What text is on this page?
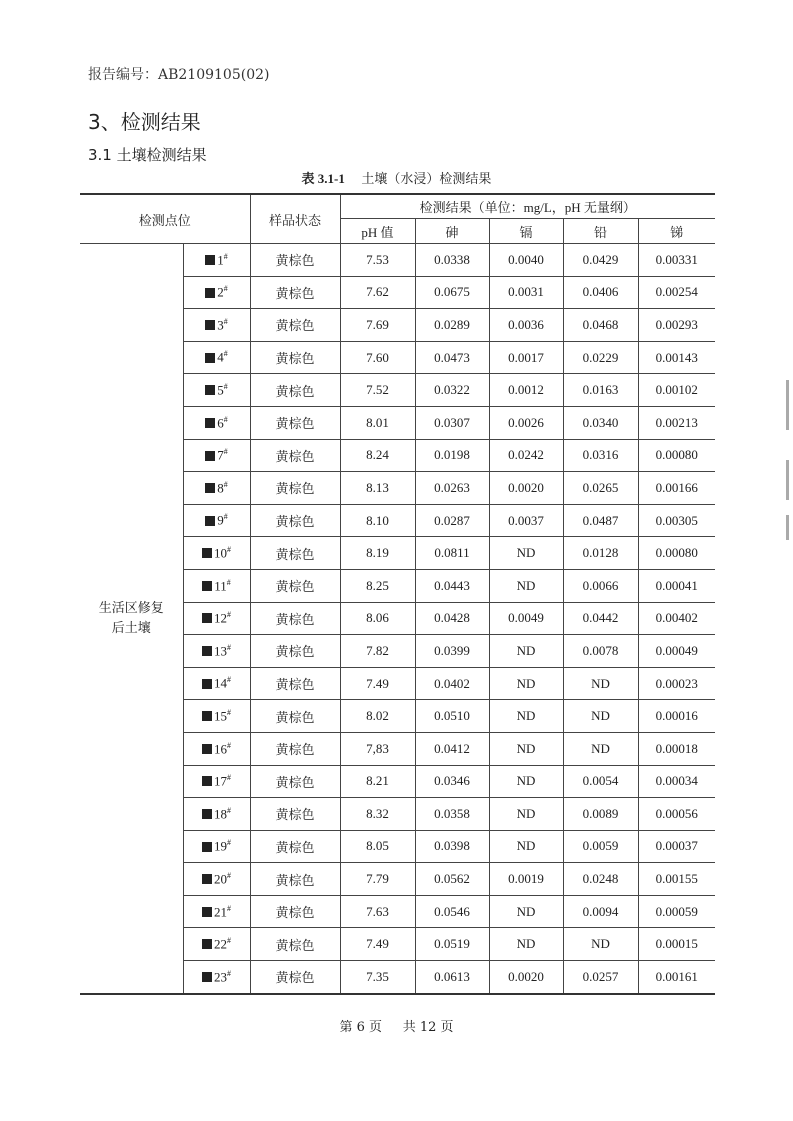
报告编号：AB2109105(02)
3、检测结果
3.1 土壤检测结果
表 3.1-1 土壤（水浸）检测结果
检测点位		样品状态	检测结果（单位：mg/L，pH 无量纲）				
			pH 值	砷	镉	铅	锑
生活区修复
后土壤	1#	黄棕色	7.53	0.0338	0.0040	0.0429	0.00331
	2#	黄棕色	7.62	0.0675	0.0031	0.0406	0.00254
	3#	黄棕色	7.69	0.0289	0.0036	0.0468	0.00293
	4#	黄棕色	7.60	0.0473	0.0017	0.0229	0.00143
	5#	黄棕色	7.52	0.0322	0.0012	0.0163	0.00102
	6#	黄棕色	8.01	0.0307	0.0026	0.0340	0.00213
	7#	黄棕色	8.24	0.0198	0.0242	0.0316	0.00080
	8#	黄棕色	8.13	0.0263	0.0020	0.0265	0.00166
	9#	黄棕色	8.10	0.0287	0.0037	0.0487	0.00305
	10#	黄棕色	8.19	0.0811	ND	0.0128	0.00080
	11#	黄棕色	8.25	0.0443	ND	0.0066	0.00041
	12#	黄棕色	8.06	0.0428	0.0049	0.0442	0.00402
	13#	黄棕色	7.82	0.0399	ND	0.0078	0.00049
	14#	黄棕色	7.49	0.0402	ND	ND	0.00023
	15#	黄棕色	8.02	0.0510	ND	ND	0.00016
	16#	黄棕色	7,83	0.0412	ND	ND	0.00018
	17#	黄棕色	8.21	0.0346	ND	0.0054	0.00034
	18#	黄棕色	8.32	0.0358	ND	0.0089	0.00056
	19#	黄棕色	8.05	0.0398	ND	0.0059	0.00037
	20#	黄棕色	7.79	0.0562	0.0019	0.0248	0.00155
	21#	黄棕色	7.63	0.0546	ND	0.0094	0.00059
	22#	黄棕色	7.49	0.0519	ND	ND	0.00015
	23#	黄棕色	7.35	0.0613	0.0020	0.0257	0.00161
第 6 页 共 12 页
